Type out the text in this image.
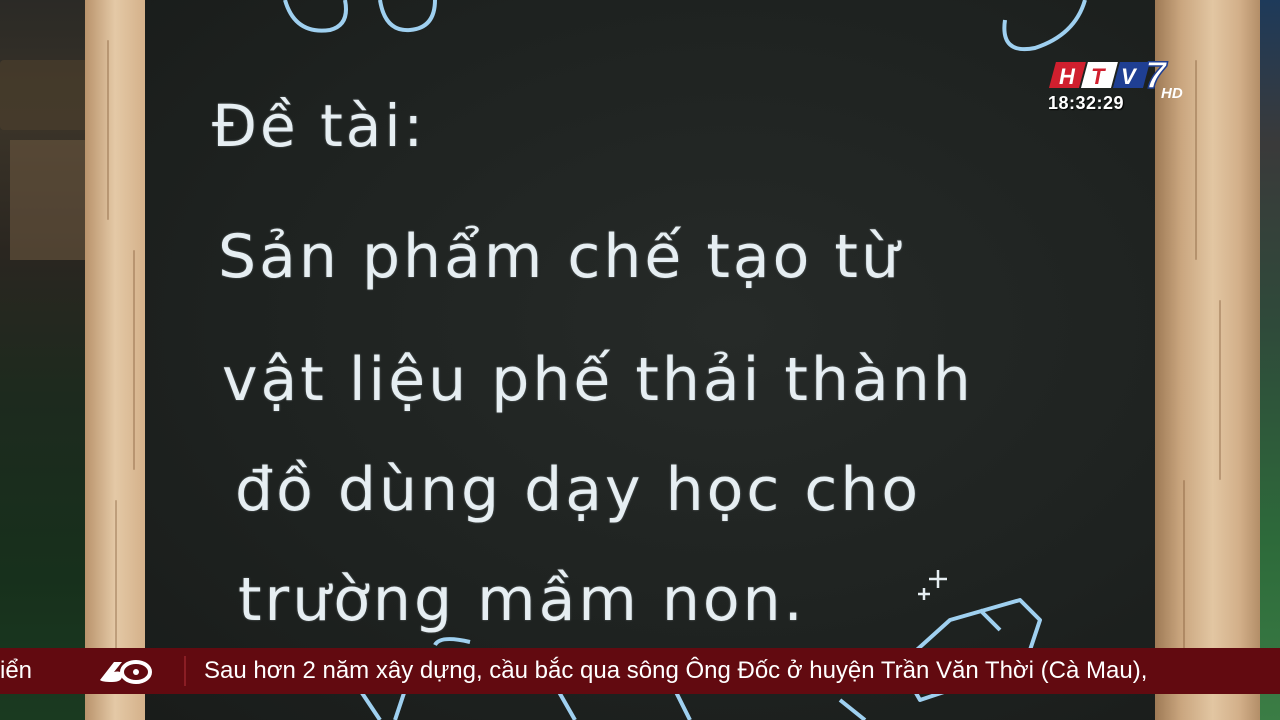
Đề tài:
Sản phẩm chế tạo từ
vật liệu phế thải thành
đồ dùng dạy học cho
trường mầm non.
H T V 7
HD
18:32:29
iển	Sau hơn 2 năm xây dựng, cầu bắc qua sông Ông Đốc ở huyện Trần Văn Thời (Cà Mau),
